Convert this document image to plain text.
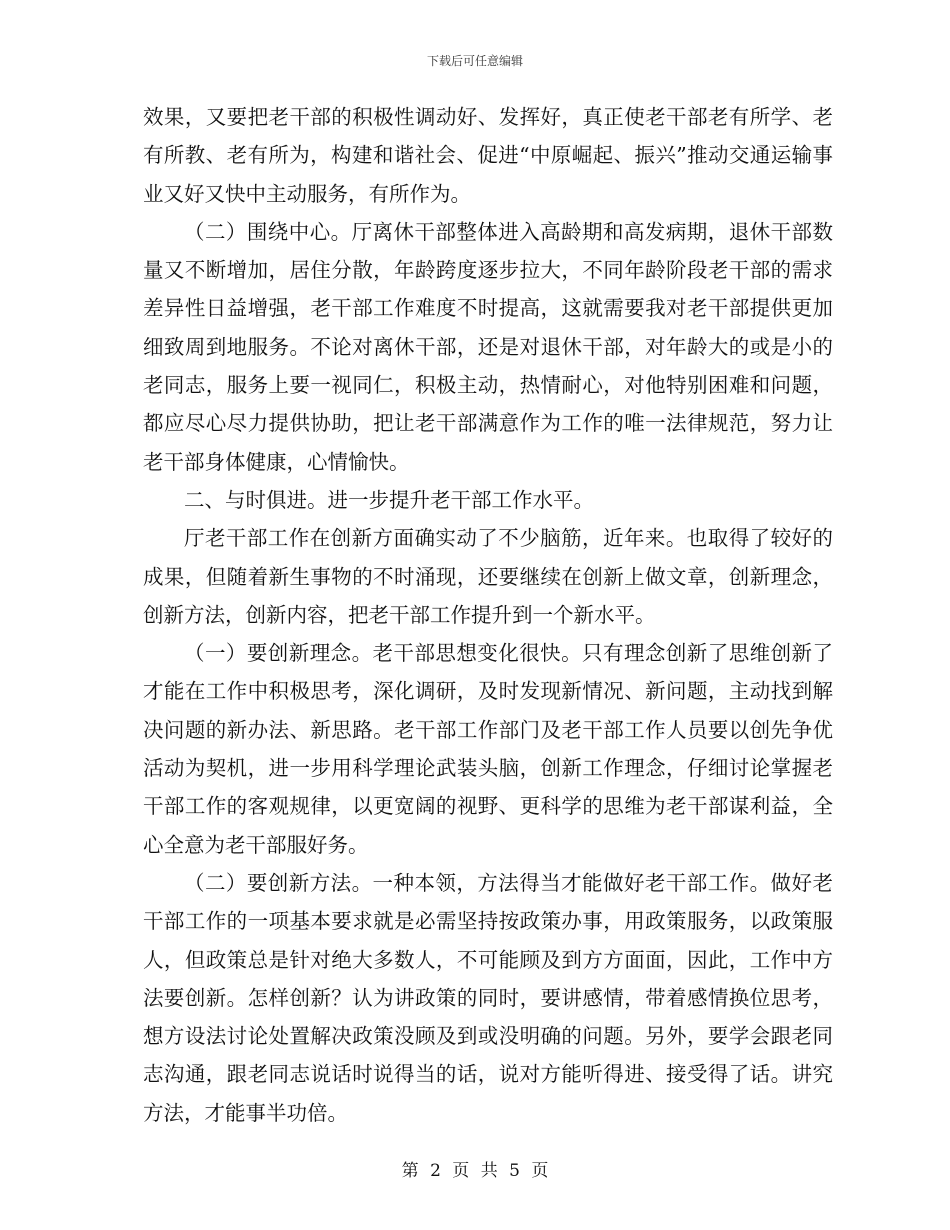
下载后可任意编辑

效果，又要把老干部的积极性调动好、发挥好，真正使老干部老有所学、老有所教、老有所为，构建和谐社会、促进“中原崛起、振兴”推动交通运输事业又好又快中主动服务，有所作为。

（二）围绕中心。厅离休干部整体进入高龄期和高发病期，退休干部数量又不断增加，居住分散，年龄跨度逐步拉大，不同年龄阶段老干部的需求差异性日益增强，老干部工作难度不时提高，这就需要我对老干部提供更加细致周到地服务。不论对离休干部，还是对退休干部，对年龄大的或是小的老同志，服务上要一视同仁，积极主动，热情耐心，对他特别困难和问题，都应尽心尽力提供协助，把让老干部满意作为工作的唯一法律规范，努力让老干部身体健康，心情愉快。

二、与时俱进。进一步提升老干部工作水平。

厅老干部工作在创新方面确实动了不少脑筋，近年来。也取得了较好的成果，但随着新生事物的不时涌现，还要继续在创新上做文章，创新理念，创新方法，创新内容，把老干部工作提升到一个新水平。

（一）要创新理念。老干部思想变化很快。只有理念创新了思维创新了才能在工作中积极思考，深化调研，及时发现新情况、新问题，主动找到解决问题的新办法、新思路。老干部工作部门及老干部工作人员要以创先争优活动为契机，进一步用科学理论武装头脑，创新工作理念，仔细讨论掌握老干部工作的客观规律，以更宽阔的视野、更科学的思维为老干部谋利益，全心全意为老干部服好务。

（二）要创新方法。一种本领，方法得当才能做好老干部工作。做好老干部工作的一项基本要求就是必需坚持按政策办事，用政策服务，以政策服人，但政策总是针对绝大多数人，不可能顾及到方方面面，因此，工作中方法要创新。怎样创新？认为讲政策的同时，要讲感情，带着感情换位思考，想方设法讨论处置解决政策没顾及到或没明确的问题。另外，要学会跟老同志沟通，跟老同志说话时说得当的话，说对方能听得进、接受得了话。讲究方法，才能事半功倍。

第 2 页 共 5 页
